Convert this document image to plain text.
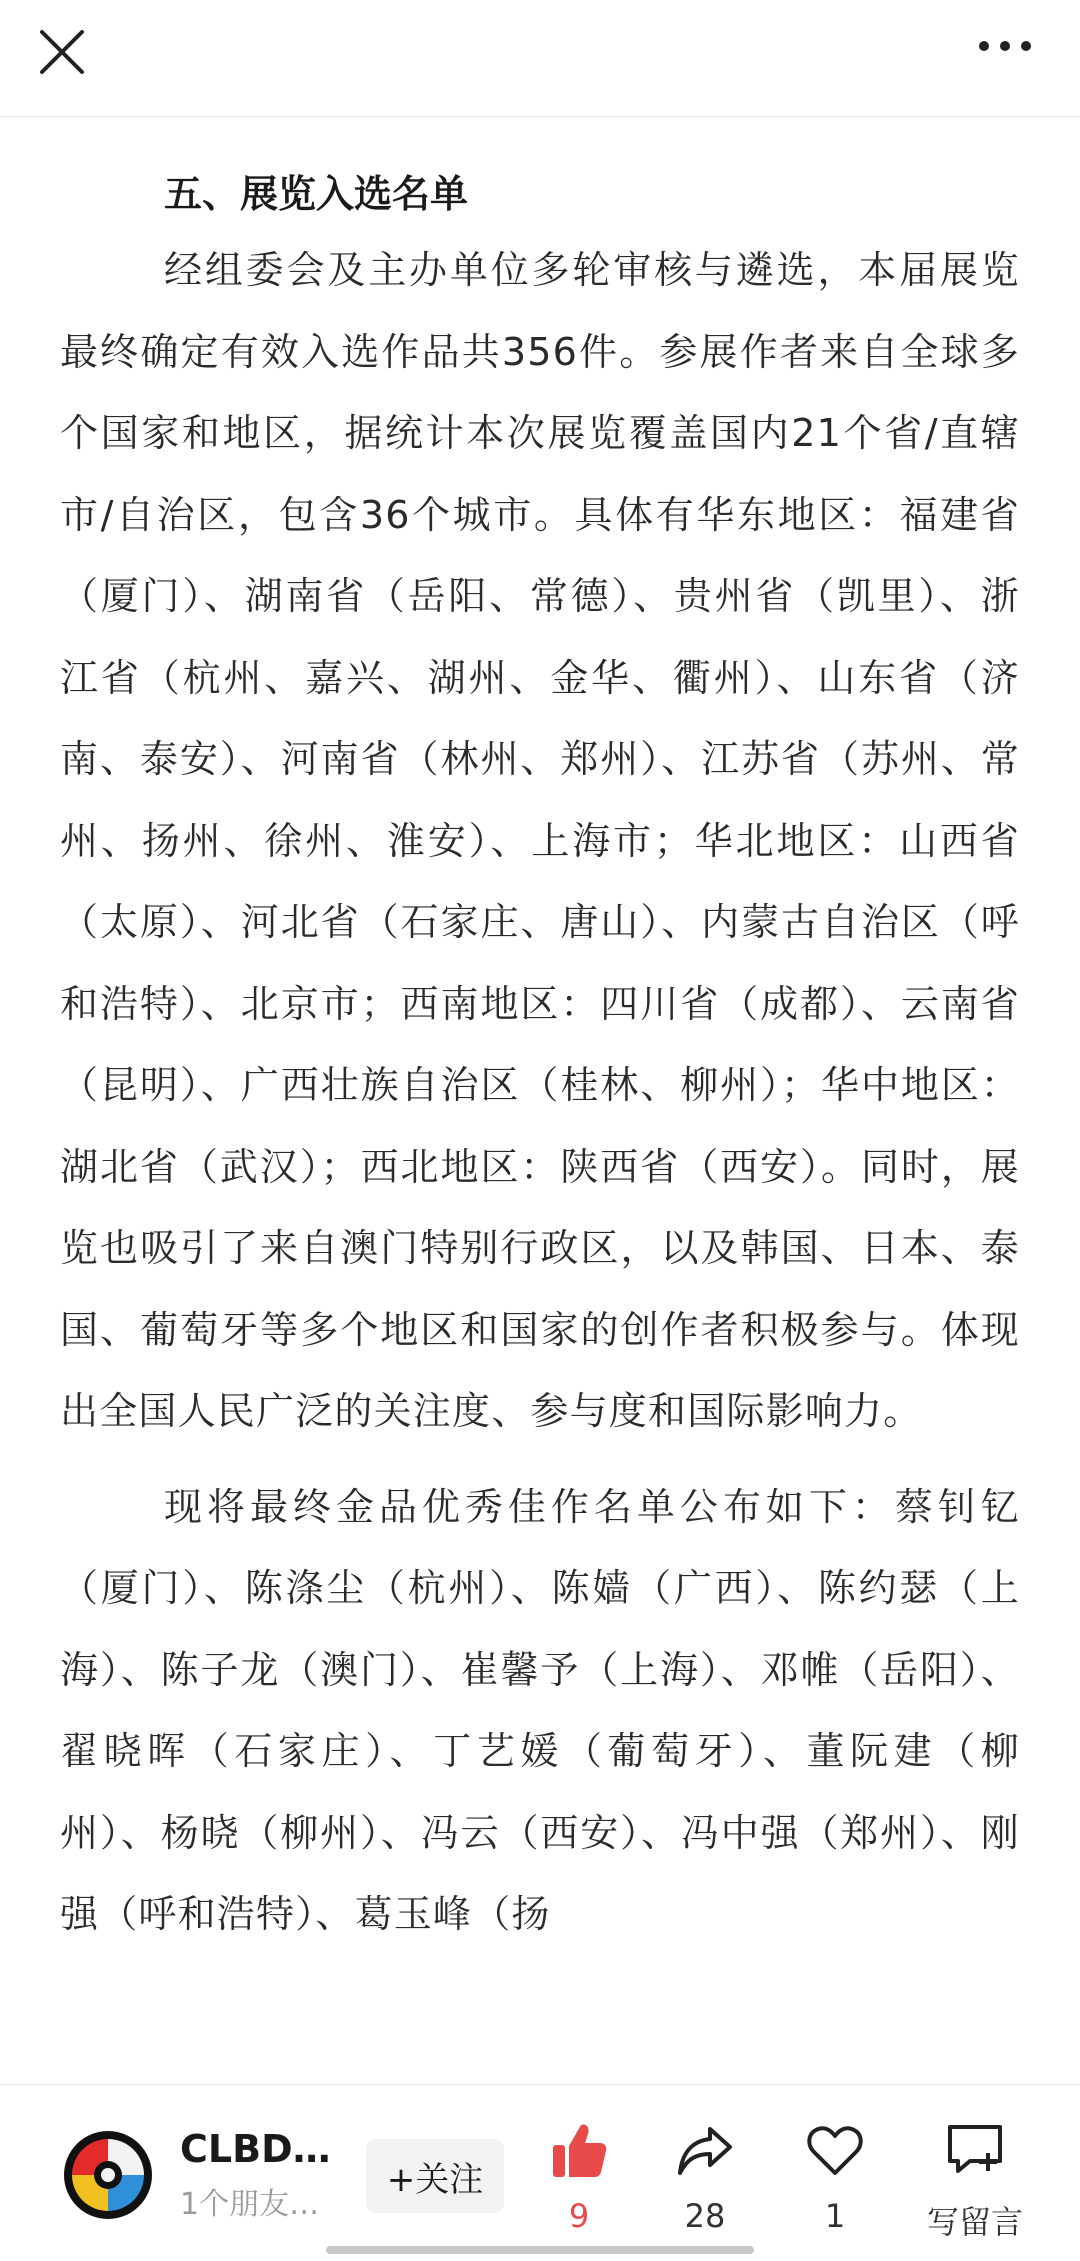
五、展览入选名单

经组委会及主办单位多轮审核与遴选，本届展览最终确定有效入选作品共356件。参展作者来自全球多个国家和地区，据统计本次展览覆盖国内21个省/直辖市/自治区，包含36个城市。具体有华东地区：福建省（厦门）、湖南省（岳阳、常德）、贵州省（凯里）、浙江省（杭州、嘉兴、湖州、金华、衢州）、山东省（济南、泰安）、河南省（林州、郑州）、江苏省（苏州、常州、扬州、徐州、淮安）、上海市；华北地区：山西省（太原）、河北省（石家庄、唐山）、内蒙古自治区（呼和浩特）、北京市；西南地区：四川省（成都）、云南省（昆明）、广西壮族自治区（桂林、柳州）；华中地区：湖北省（武汉）；西北地区：陕西省（西安）。同时，展览也吸引了来自澳门特别行政区，以及韩国、日本、泰国、葡萄牙等多个地区和国家的创作者积极参与。体现出全国人民广泛的关注度、参与度和国际影响力。

现将最终金品优秀佳作名单公布如下：蔡钊钇（厦门）、陈涤尘（杭州）、陈嫱（广西）、陈约瑟（上海）、陈子龙（澳门）、崔馨予（上海）、邓帷（岳阳）、翟晓晖（石家庄）、丁艺媛（葡萄牙）、董阮建（柳州）、杨晓（柳州）、冯云（西安）、冯中强（郑州）、刚强（呼和浩特）、葛玉峰（扬

CLBD…
1个朋友…
+关注
9	28	1	写留言
